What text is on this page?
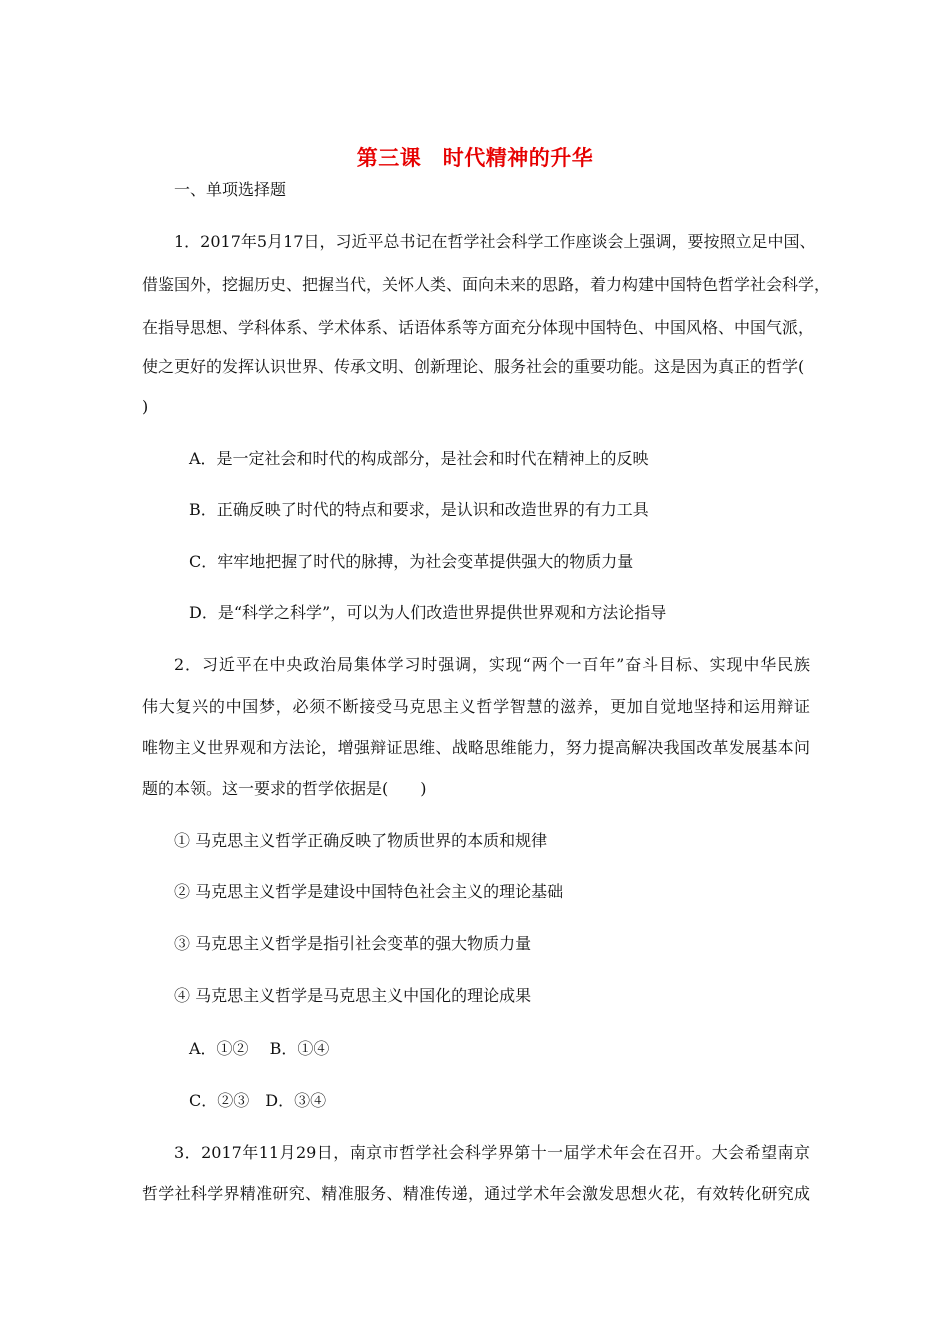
第三课　时代精神的升华
一、单项选择题
1．2017年5月17日，习近平总书记在哲学社会科学工作座谈会上强调，要按照立足中国、
借鉴国外，挖掘历史、把握当代，关怀人类、面向未来的思路，着力构建中国特色哲学社会科学，
在指导思想、学科体系、学术体系、话语体系等方面充分体现中国特色、中国风格、中国气派，
使之更好的发挥认识世界、传承文明、创新理论、服务社会的重要功能。这是因为真正的哲学(
)
A．是一定社会和时代的构成部分，是社会和时代在精神上的反映
B．正确反映了时代的特点和要求，是认识和改造世界的有力工具
C．牢牢地把握了时代的脉搏，为社会变革提供强大的物质力量
D．是“科学之科学”，可以为人们改造世界提供世界观和方法论指导
2．习近平在中央政治局集体学习时强调，实现“两个一百年”奋斗目标、实现中华民族
伟大复兴的中国梦，必须不断接受马克思主义哲学智慧的滋养，更加自觉地坚持和运用辩证
唯物主义世界观和方法论，增强辩证思维、战略思维能力，努力提高解决我国改革发展基本问
题的本领。这一要求的哲学依据是(　　)
① 马克思主义哲学正确反映了物质世界的本质和规律
② 马克思主义哲学是建设中国特色社会主义的理论基础
③ 马克思主义哲学是指引社会变革的强大物质力量
④ 马克思主义哲学是马克思主义中国化的理论成果
A．①②　 B．①④
C．②③　D．③④
3．2017年11月29日，南京市哲学社会科学界第十一届学术年会在召开。大会希望南京
哲学社科学界精准研究、精准服务、精准传递，通过学术年会激发思想火花，有效转化研究成
